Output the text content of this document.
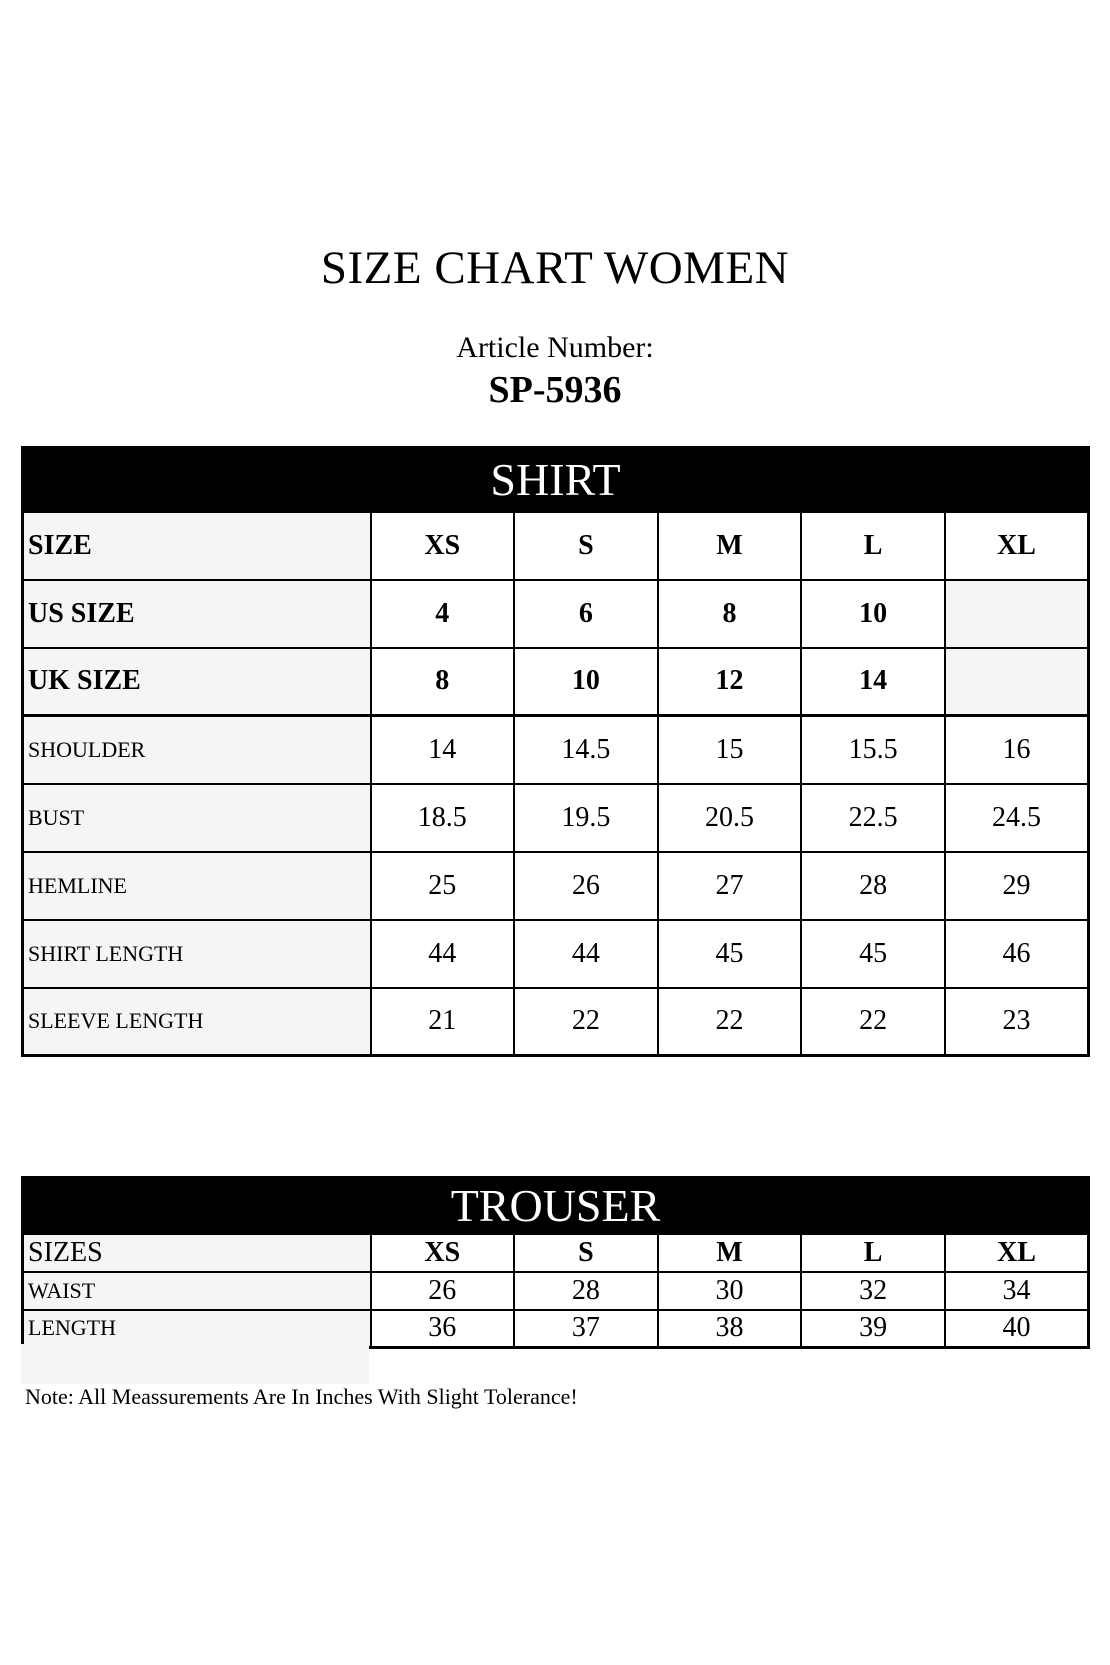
SIZE CHART WOMEN
Article Number:
SP-5936
SHIRT					
SIZE	XS	S	M	L	XL
US SIZE	4	6	8	10	
UK SIZE	8	10	12	14	
SHOULDER	14	14.5	15	15.5	16
BUST	18.5	19.5	20.5	22.5	24.5
HEMLINE	25	26	27	28	29
SHIRT LENGTH	44	44	45	45	46
SLEEVE LENGTH	21	22	22	22	23
TROUSER					
SIZES	XS	S	M	L	XL
WAIST	26	28	30	32	34
LENGTH	36	37	38	39	40
Note: All Meassurements Are In Inches With Slight Tolerance!
